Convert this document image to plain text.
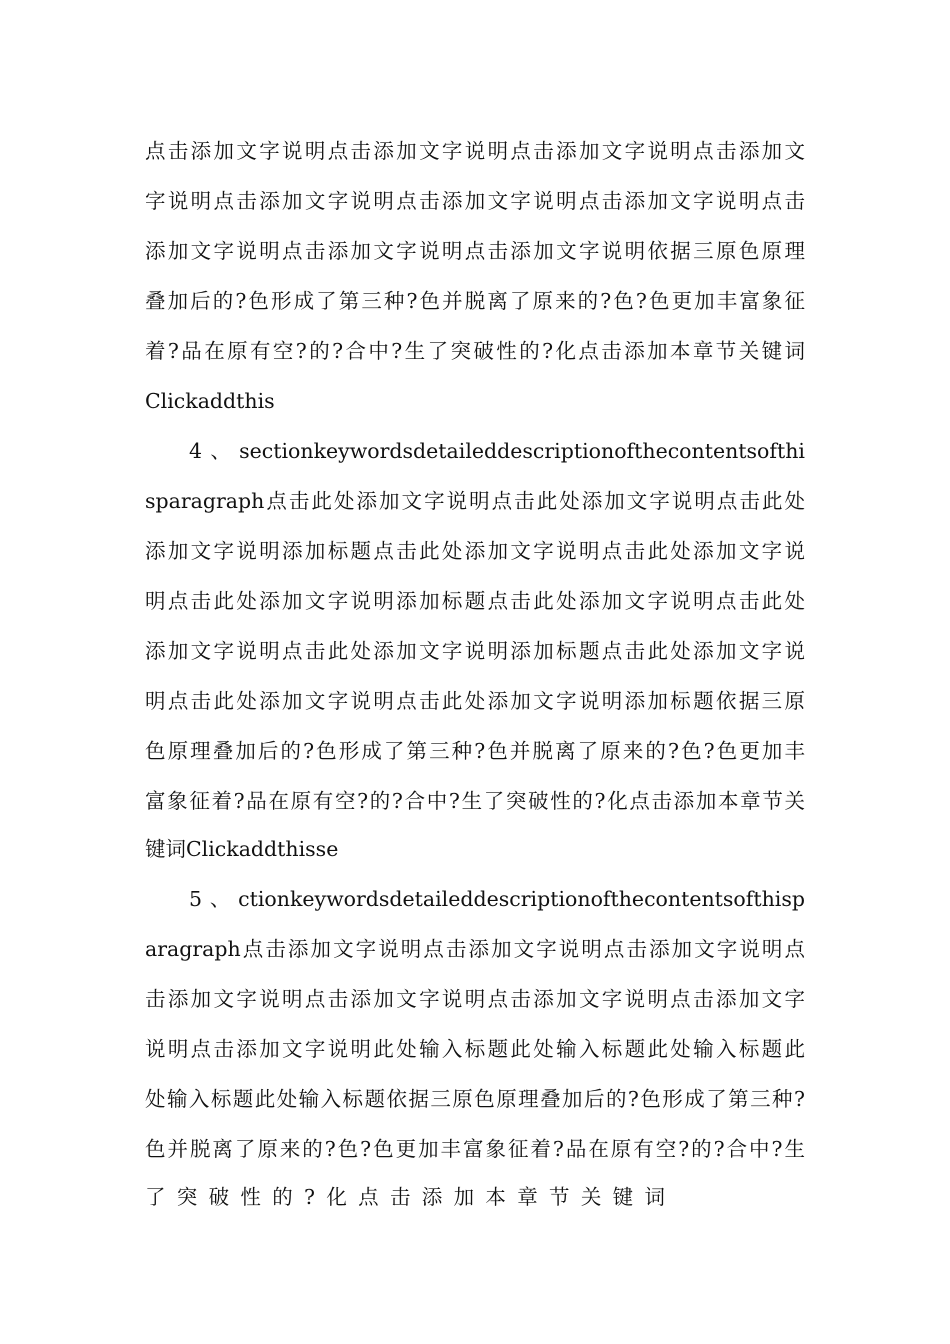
点击添加文字说明点击添加文字说明点击添加文字说明点击添加文
字说明点击添加文字说明点击添加文字说明点击添加文字说明点击
添加文字说明点击添加文字说明点击添加文字说明依据三原色原理
叠加后的?色形成了第三种?色并脱离了原来的?色?色更加丰富象征
着?品在原有空?的?合中?生了突破性的?化点击添加本章节关键词
Clickaddthis
4、sectionkeywordsdetaileddescriptionofthecontentsofthi
sparagraph点击此处添加文字说明点击此处添加文字说明点击此处
添加文字说明添加标题点击此处添加文字说明点击此处添加文字说
明点击此处添加文字说明添加标题点击此处添加文字说明点击此处
添加文字说明点击此处添加文字说明添加标题点击此处添加文字说
明点击此处添加文字说明点击此处添加文字说明添加标题依据三原
色原理叠加后的?色形成了第三种?色并脱离了原来的?色?色更加丰
富象征着?品在原有空?的?合中?生了突破性的?化点击添加本章节关
键词Clickaddthisse
5、ctionkeywordsdetaileddescriptionofthecontentsofthisp
aragraph点击添加文字说明点击添加文字说明点击添加文字说明点
击添加文字说明点击添加文字说明点击添加文字说明点击添加文字
说明点击添加文字说明此处输入标题此处输入标题此处输入标题此
处输入标题此处输入标题依据三原色原理叠加后的?色形成了第三种?
色并脱离了原来的?色?色更加丰富象征着?品在原有空?的?合中?生
了突破性的?化点击添加本章节关键词
